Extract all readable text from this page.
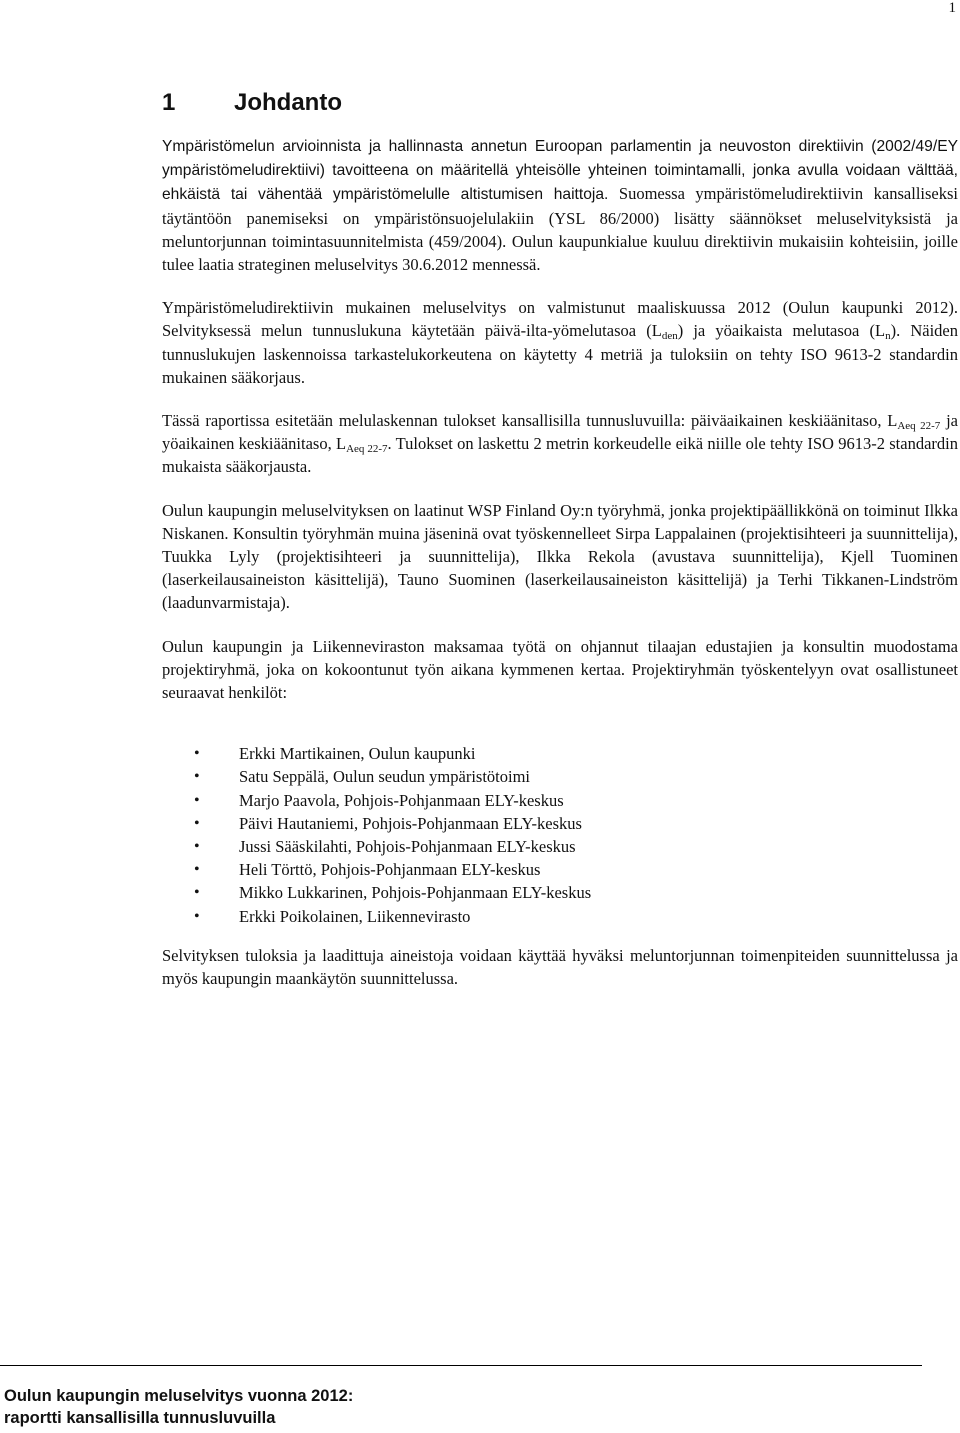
1
1 Johdanto

Ympäristömelun arvioinnista ja hallinnasta annetun Euroopan parlamentin ja neuvoston direktiivin (2002/49/EY ympäristömeludirektiivi) tavoitteena on määritellä yhteisölle yhteinen toimintamalli, jonka avulla voidaan välttää, ehkäistä tai vähentää ympäristömelulle altistumisen haittoja. Suomessa ympäristömeludirektiivin kansalliseksi täytäntöön panemiseksi on ympäristönsuojelulakiin (YSL 86/2000) lisätty säännökset meluselvityksistä ja meluntorjunnan toimintasuunnitelmista (459/2004). Oulun kaupunkialue kuuluu direktiivin mukaisiin kohteisiin, joille tulee laatia strateginen meluselvitys 30.6.2012 mennessä.

Ympäristömeludirektiivin mukainen meluselvitys on valmistunut maaliskuussa 2012 (Oulun kaupunki 2012). Selvityksessä melun tunnuslukuna käytetään päivä-ilta-yömelutasoa $(L_{den})$ ja yöaikaista melutasoa $(L_n)$. Näiden tunnuslukujen laskennoissa tarkastelukorkeutena on käytetty 4 metriä ja tuloksiin on tehty ISO 9613-2 standardin mukainen sääkorjaus.

Tässä raportissa esitetään melulaskennan tulokset kansallisilla tunnusluvuilla: päiväaikainen keskiäänitaso, $L_{Aeq 22-7}$ ja yöaikainen keskiäänitaso, $L_{Aeq 22-7}$. Tulokset on laskettu 2 metrin korkeudelle eikä niille ole tehty ISO 9613-2 standardin mukaista sääkorjausta.

Oulun kaupungin meluselvityksen on laatinut WSP Finland Oy:n työryhmä, jonka projektipäällikkönä on toiminut Ilkka Niskanen. Konsultin työryhmän muina jäseninä ovat työskennelleet Sirpa Lappalainen (projektisihteeri ja suunnittelija), Tuukka Lyly (projektisihteeri ja suunnittelija), Ilkka Rekola (avustava suunnittelija), Kjell Tuominen (laserkeilausaineiston käsittelijä), Tauno Suominen (laserkeilausaineiston käsittelijä) ja Terhi Tikkanen-Lindström (laadunvarmistaja).

Oulun kaupungin ja Liikenneviraston maksamaa työtä on ohjannut tilaajan edustajien ja konsultin muodostama projektiryhmä, joka on kokoontunut työn aikana kymmenen kertaa. Projektiryhmän työskentelyyn ovat osallistuneet seuraavat henkilöt:

• Erkki Martikainen, Oulun kaupunki
• Satu Seppälä, Oulun seudun ympäristötoimi
• Marjo Paavola, Pohjois-Pohjanmaan ELY-keskus
• Päivi Hautaniemi, Pohjois-Pohjanmaan ELY-keskus
• Jussi Sääskilahti, Pohjois-Pohjanmaan ELY-keskus
• Heli Törttö, Pohjois-Pohjanmaan ELY-keskus
• Mikko Lukkarinen, Pohjois-Pohjanmaan ELY-keskus
• Erkki Poikolainen, Liikennevirasto

Selvityksen tuloksia ja laadittuja aineistoja voidaan käyttää hyväksi meluntorjunnan toimenpiteiden suunnittelussa ja myös kaupungin maankäytön suunnittelussa.

Oulun kaupungin meluselvitys vuonna 2012:
raportti kansallisilla tunnusluvuilla
